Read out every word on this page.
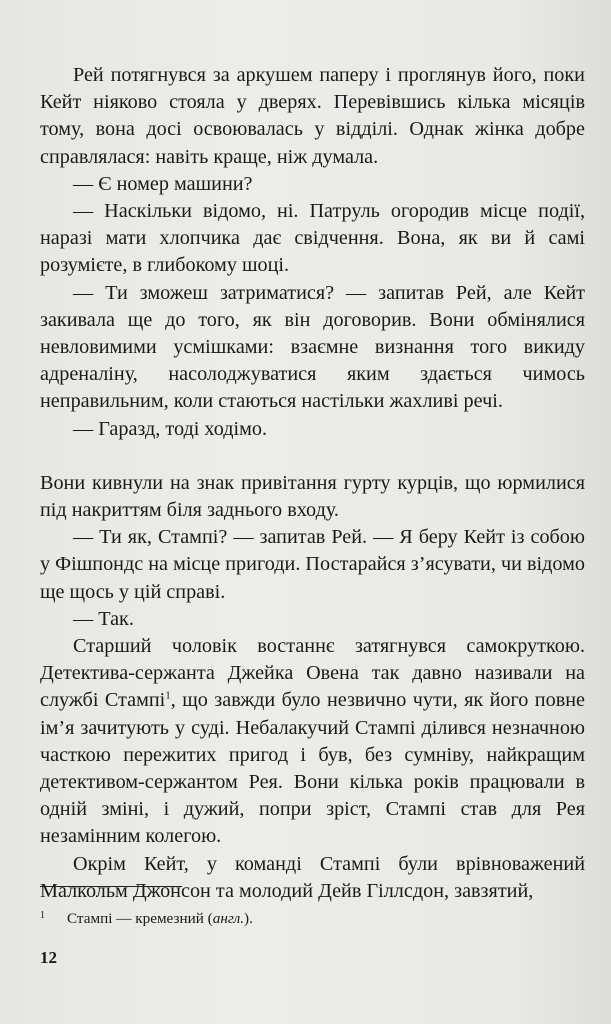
Рей потягнувся за аркушем паперу і проглянув його, поки Кейт ніяково стояла у дверях. Перевівшись кілька місяців тому, вона досі освоювалась у відділі. Однак жінка добре справлялася: навіть краще, ніж думала.

— Є номер машини?

— Наскільки відомо, ні. Патруль огородив місце події, наразі мати хлопчика дає свідчення. Вона, як ви й самі розумієте, в глибокому шоці.

— Ти зможеш затриматися? — запитав Рей, але Кейт закивала ще до того, як він договорив. Вони обмінялися невловимими усмішками: взаємне визнання того викиду адреналіну, насолоджуватися яким здається чимось неправильним, коли стаються настільки жахливі речі.

— Гаразд, тоді ходімо.

Вони кивнули на знак привітання гурту курців, що юрмилися під накриттям біля заднього входу.

— Ти як, Стампі? — запитав Рей. — Я беру Кейт із собою у Фішпондс на місце пригоди. Постарайся з’ясувати, чи відомо ще щось у цій справі.

— Так.

Старший чоловік востаннє затягнувся самокруткою. Детектива-сержанта Джейка Овена так давно називали на службі Стампі$^1$, що завжди було незвично чути, як його повне ім’я зачитують у суді. Небалакучий Стампі ділився незначною часткою пережитих пригод і був, без сумніву, найкращим детективом-сержантом Рея. Вони кілька років працювали в одній зміні, і дужий, попри зріст, Стампі став для Рея незамінним колегою.

Окрім Кейт, у команді Стампі були врівноважений Малкольм Джонсон та молодий Дейв Гіллсдон, завзятий,

$^1$ Стампі — кремезний (англ.).
12
